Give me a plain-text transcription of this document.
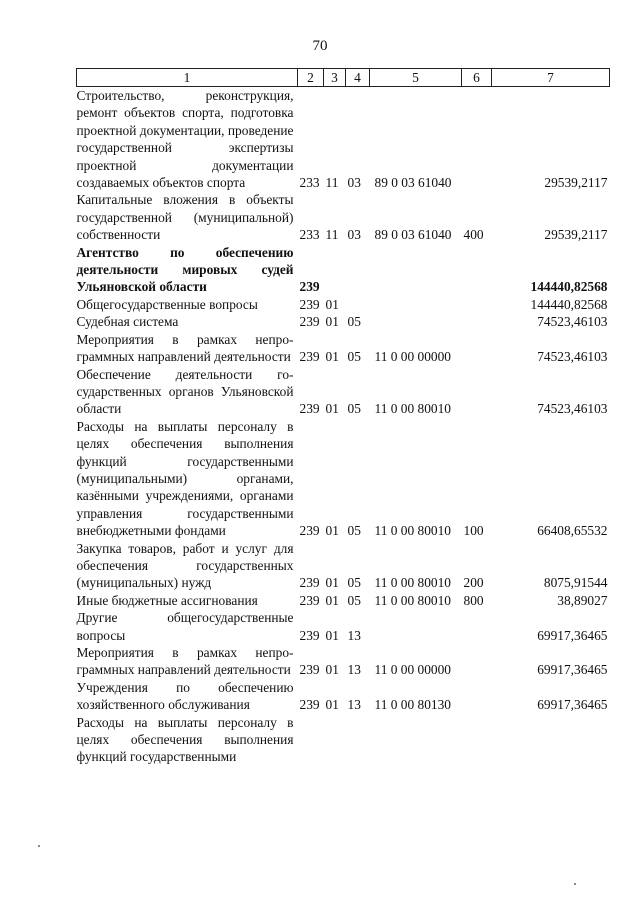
70
1	2	3	4	5	6	7
Строительство, реконструкция, ремонт объектов спорта, подготовка проектной документации, проведение государственной экспертизы проектной документации создаваемых объектов спорта	233	11	03	89 0 03 61040		29539,2117
Капитальные вложения в объекты государственной (муниципальной) собственности	233	11	03	89 0 03 61040	400	29539,2117
Агентство по обеспечению деятельности мировых судей Ульяновской области	239					144440,82568
Общегосударственные вопросы	239	01				144440,82568
Судебная система	239	01	05			74523,46103
Мероприятия в рамках непрограммных направлений деятельности	239	01	05	11 0 00 00000		74523,46103
Обеспечение деятельности государственных органов Ульяновской области	239	01	05	11 0 00 80010		74523,46103
Расходы на выплаты персоналу в целях обеспечения выполнения функций государственными (муниципальными) органами, казёнными учреждениями, органами управления государственными внебюджетными фондами	239	01	05	11 0 00 80010	100	66408,65532
Закупка товаров, работ и услуг для обеспечения государственных (муниципальных) нужд	239	01	05	11 0 00 80010	200	8075,91544
Иные бюджетные ассигнования	239	01	05	11 0 00 80010	800	38,89027
Другие общегосударственные вопросы	239	01	13			69917,36465
Мероприятия в рамках непрограммных направлений деятельности	239	01	13	11 0 00 00000		69917,36465
Учреждения по обеспечению хозяйственного обслуживания	239	01	13	11 0 00 80130		69917,36465
Расходы на выплаты персоналу в целях обеспечения выполнения функций государственными						
